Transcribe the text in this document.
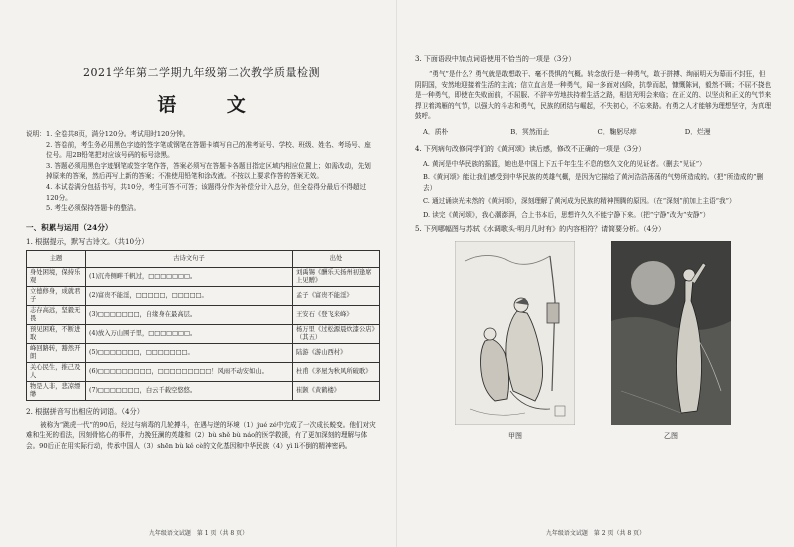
2021学年第二学期九年级第二次教学质量检测
语 文
说明： 1. 全卷共8页，满分120分。考试用时120分钟。
2. 答卷前，考生务必用黑色字迹的签字笔或钢笔在答题卡填写自己的准考证号、学校、班级、姓名、考场号、座位号。用2B铅笔把对应该号码的标号涂黑。
3. 答题必须用黑色字迹钢笔或签字笔作答，答案必须写在答题卡各题目指定区域内相应位置上；如需改动，先划掉原来的答案，然后再写上新的答案；不准使用铅笔和涂改液。不按以上要求作答的答案无效。
4. 本试卷满分包括书写，共10分，考生可答不可答；该题得分作为补偿分计入总分，但全卷得分最后不得超过120分。
5. 考生必须保持答题卡的整洁。
一、积累与运用（24分）
1. 根据提示，默写古诗文。（共10分）
主题	古诗文句子	出处
身处困境，保持乐观	(1)沉舟侧畔千帆过，□□□□□□□。	刘禹锡《酬乐天扬州初逢席上见赠》
立德修身，成就君子	(2)富贵不能淫，□□□□□，□□□□□。	孟子《富贵不能淫》
志存高远，坚毅无畏	(3)□□□□□□□，自缘身在最高层。	王安石《登飞来峰》
预见困难，不断进取	(4)放入万山围子里，□□□□□□□。	杨万里《过松源晨炊漆公店》（其五）
峰回路转，豁然开朗	(5)□□□□□□□，□□□□□□□。	陆游《游山西村》
关心民生，推己及人	(6)□□□□□□□□□，□□□□□□□□□！风雨不动安如山。	杜甫《茅屋为秋风所破歌》
物是人非，悲凉缥缈	(7)□□□□□□□，白云千载空悠悠。	崔颢《黄鹤楼》
2. 根据拼音写出相应的词语。（4分）

被称为“跳虎一代”的90后，经过与病毒的几轮搏斗，在遇与逆的环境（1）jué zé中完成了一次成长蜕变。他们对灾难和生死的看法，因刻骨铭心的事件，力挽狂澜的英雄和（2）bù shě bù náo的医学救援，有了更加深刻的理解与体会。90后正在用实际行动，传承中国人（3）shēn bù kě cè的文化基因和中华民族（4）yì lì不倒的精神密码。

九年级语文试题　第 1 页（共 8 页）
3. 下面语段中加点词语使用不恰当的一项是（3分）

“勇气”是什么？勇气就是敢想敢干、毫不畏惧的气概。转念放行是一种勇气，敢于拼搏、绚丽明天为幕而不封狂，但阴阴国，安然地迎接着生活的主流；信立直言是一种勇气，闻一多面对凶险，抗拳而起，慷慨陈词，毅然不顾；不屈不挠也是一种勇气，即使在失败面前，不屈服、不辞辛劳地扶持着生活之路，相信光明会来临；在正义的、以坚贞和正义的气节来捍卫着鸿雁的气节，以强大的斗志和勇气，民族的团结与崛起，不失初心，不忘来路。有勇之人才能够为理想坚守，为真理鼓呼。

A．质朴	B．冥然而止	C．鞠躬尽瘁	D．烂漫
4. 下列病句改修同学们的《黄河颂》读后感，修改不正确的一项是（3分）
A. 黄河是中华民族的摇篮，她也是中国上下五千年生生不息的悠久文化的见证者。（删去“见证”）
B.《黄河颂》能让我们感受到中华民族的英雄气概，是因为它描绘了黄河浩浩荡荡的气势所造成的。（把“所造成的”删去）
C. 通过诵读光未然的《黄河颂》，深刻理解了黄河成为民族的精神图腾的原因。（在“深刻”前加上主语“我”）
D. 读完《黄河颂》，我心潮澎湃，合上书本后，思想许久久不能宁静下来。（把“宁静”改为“安静”）
5. 下列哪幅图与苏轼《水调歌头·明月几时有》的内容相符？请简要分析。（4分）
甲图	乙图
九年级语文试题　第 2 页（共 8 页）
